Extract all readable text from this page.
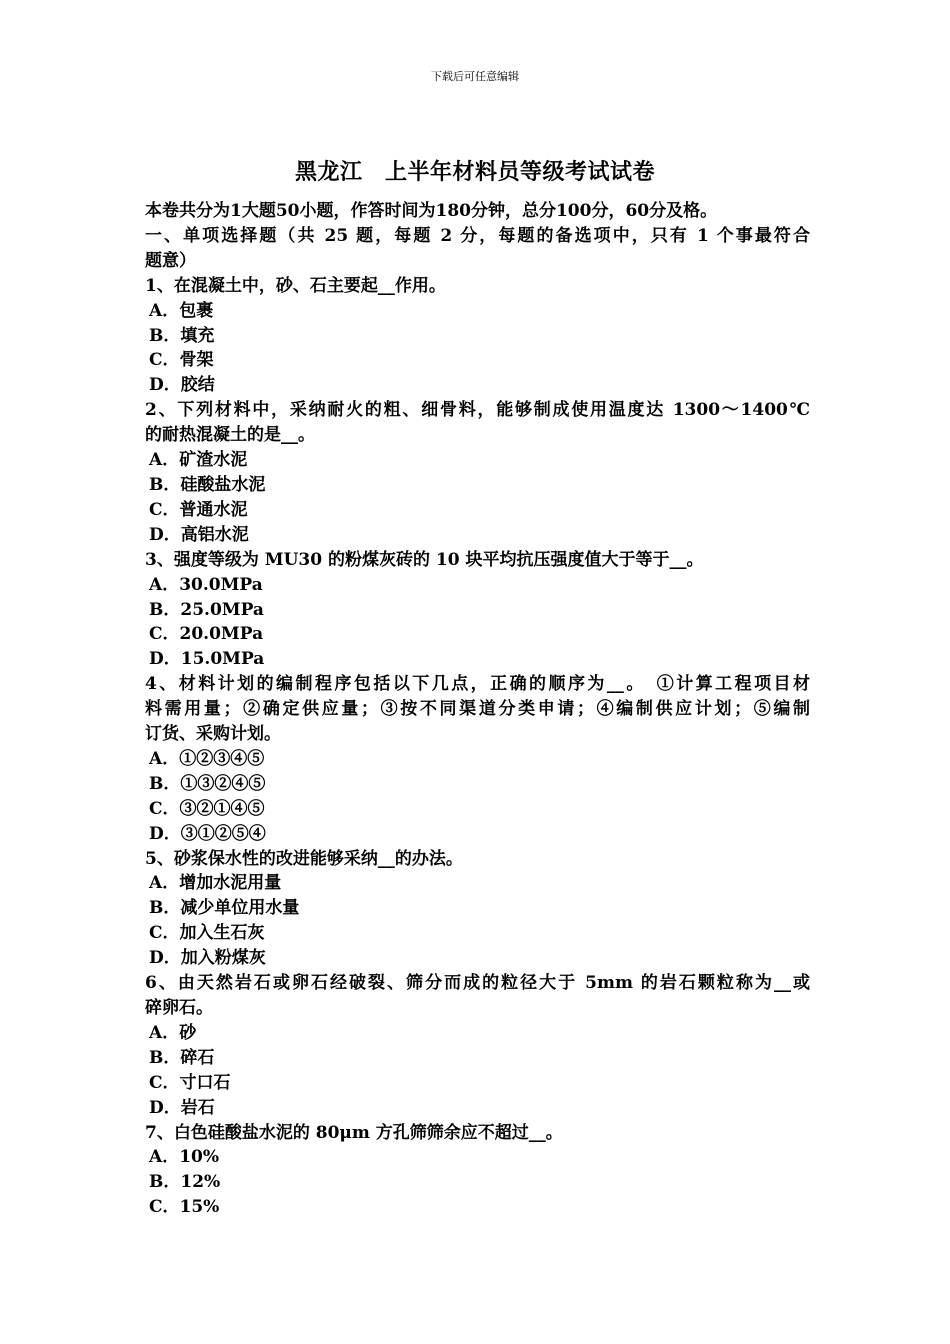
下载后可任意编辑
黑龙江　上半年材料员等级考试试卷
本卷共分为1大题50小题，作答时间为180分钟，总分100分，60分及格。
一、单项选择题（共 25 题，每题 2 分，每题的备选项中，只有 1 个事最符合
题意）
1、在混凝土中，砂、石主要起__作用。
A．包裹
B．填充
C．骨架
D．胶结
2、下列材料中，采纳耐火的粗、细骨料，能够制成使用温度达 1300～1400℃
的耐热混凝土的是__。
A．矿渣水泥
B．硅酸盐水泥
C．普通水泥
D．高铝水泥
3、强度等级为 MU30 的粉煤灰砖的 10 块平均抗压强度值大于等于__。
A．30.0MPa
B．25.0MPa
C．20.0MPa
D．15.0MPa
4、材料计划的编制程序包括以下几点，正确的顺序为__。　①计算工程项目材
料需用量；②确定供应量；③按不同渠道分类申请；④编制供应计划；⑤编制
订货、采购计划。
A．①②③④⑤
B．①③②④⑤
C．③②①④⑤
D．③①②⑤④
5、砂浆保水性的改进能够采纳__的办法。
A．增加水泥用量
B．减少单位用水量
C．加入生石灰
D．加入粉煤灰
6、由天然岩石或卵石经破裂、筛分而成的粒径大于 5mm 的岩石颗粒称为__或
碎卵石。
A．砂
B．碎石
C．寸口石
D．岩石
7、白色硅酸盐水泥的 80μm 方孔筛筛余应不超过__。
A．10%
B．12%
C．15%
